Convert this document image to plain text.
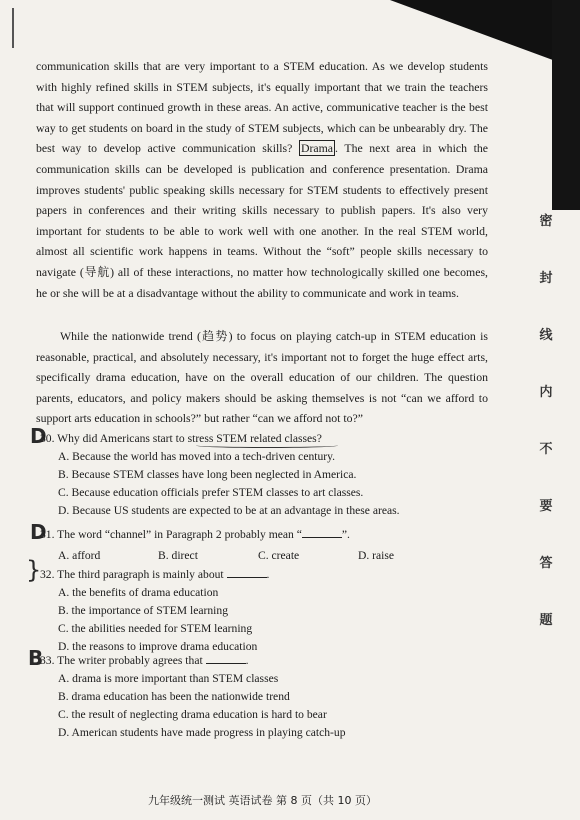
communication skills that are very important to a STEM education. As we develop students with highly refined skills in STEM subjects, it's equally important that we train the teachers that will support continued growth in these areas. An active, communicative teacher is the best way to get students on board in the study of STEM subjects, which can be unbearably dry. The best way to develop active communication skills? Drama . The next area in which the communication skills can be developed is publication and conference presentation. Drama improves students' public speaking skills necessary for STEM students to effectively present papers in conferences and their writing skills necessary to publish papers. It's also very important for students to be able to work well with one another. In the real STEM world, almost all scientific work happens in teams. Without the “soft” people skills necessary to navigate (导航) all of these interactions, no matter how technologically skilled one becomes, he or she will be at a disadvantage without the ability to communicate and work in teams.
While the nationwide trend (趋势) to focus on playing catch-up in STEM education is reasonable, practical, and absolutely necessary, it's important not to forget the huge effect arts, specifically drama education, have on the overall education of our children. The question parents, educators, and policy makers should be asking themselves is not “can we afford to support arts education in schools?” but rather “can we afford not to?”
D
30. Why did Americans start to stress STEM related classes?
A. Because the world has moved into a tech-driven century.
B. Because STEM classes have long been neglected in America.
C. Because education officials prefer STEM classes to art classes.
D. Because US students are expected to be at an advantage in these areas.
D
31. The word “channel” in Paragraph 2 probably mean “	”.
A. afford	B. direct	C. create	D. raise
}
32. The third paragraph is mainly about	.
A. the benefits of drama education
B. the importance of STEM learning
C. the abilities needed for STEM learning
D. the reasons to improve drama education
B
33. The writer probably agrees that	.
A. drama is more important than STEM classes
B. drama education has been the nationwide trend
C. the result of neglecting drama education is hard to bear
D. American students have made progress in playing catch-up
密
封
线
内
不
要
答
题
九年级统一测试 英语试卷 第 8 页（共 10 页）
